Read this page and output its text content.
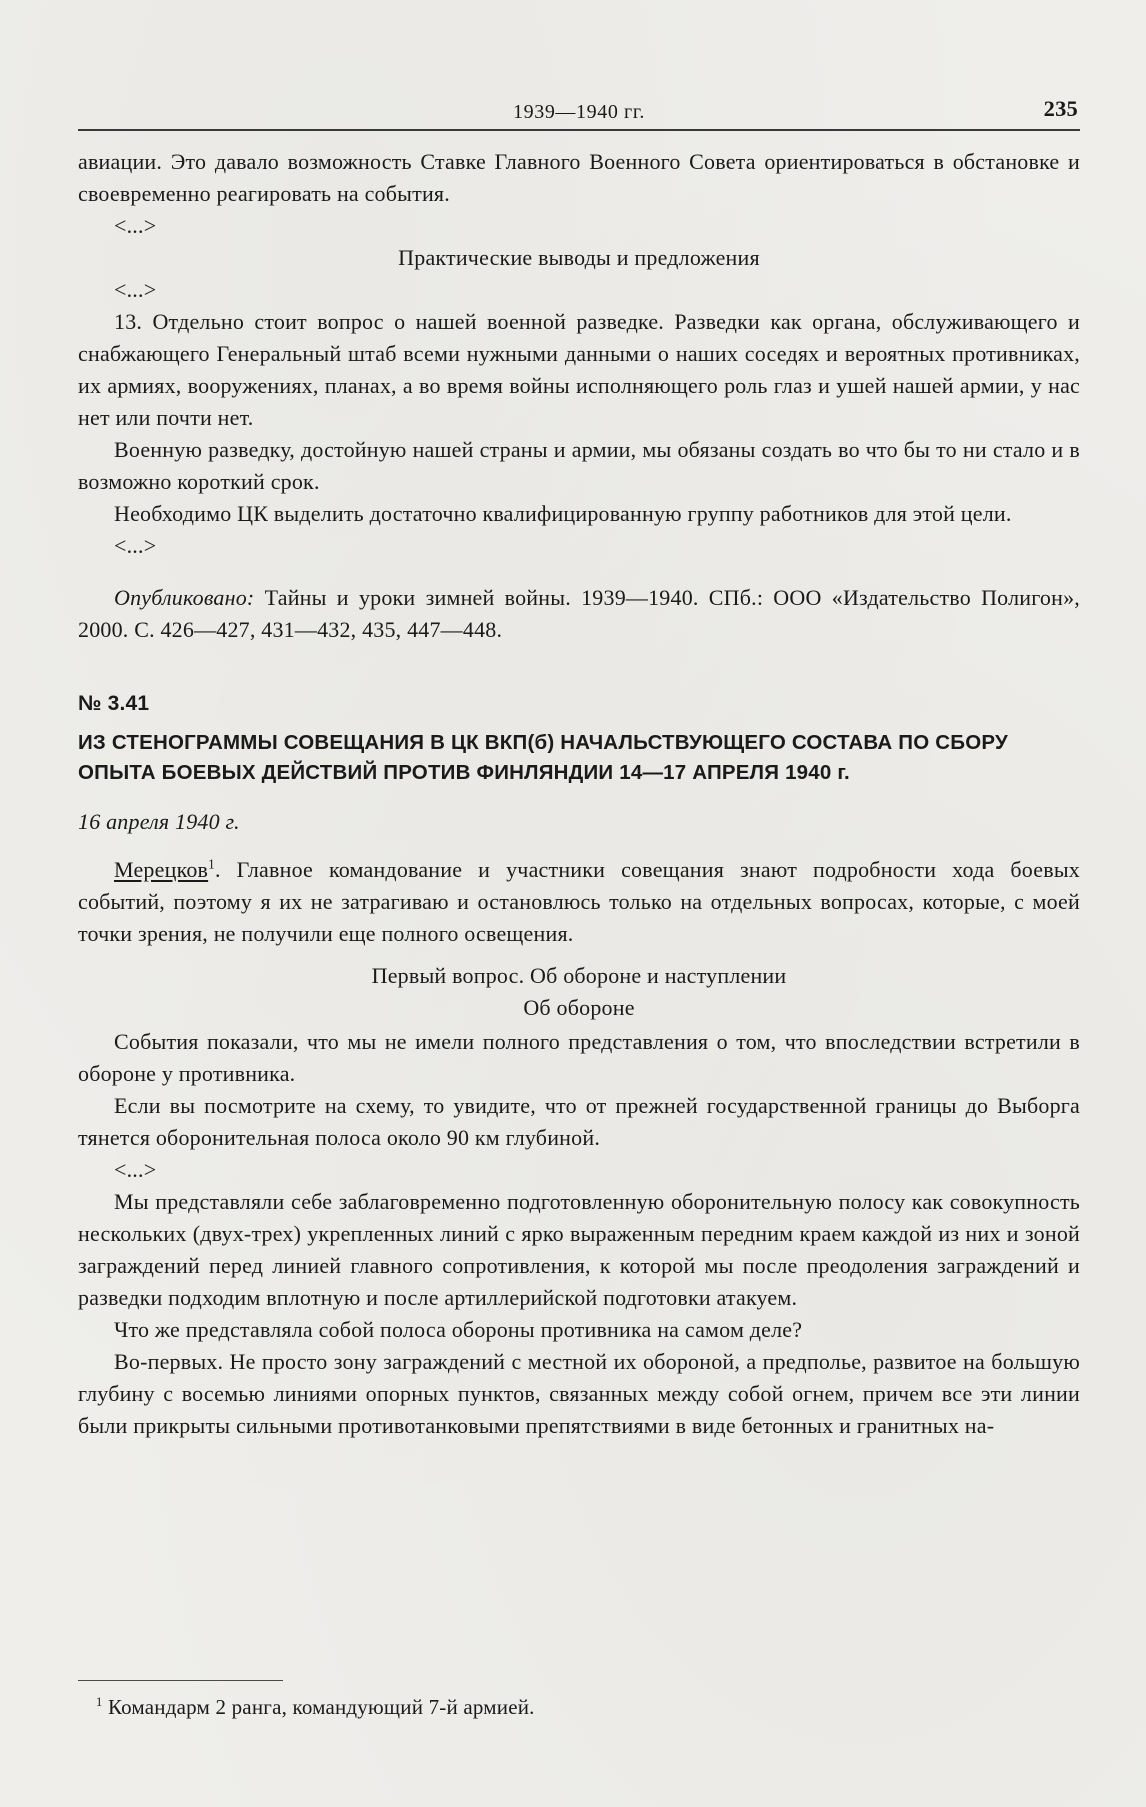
1939—1940 гг.	235

авиации. Это давало возможность Ставке Главного Военного Совета ориентироваться в обстановке и своевременно реагировать на события.

<...>

Практические выводы и предложения

<...>

13. Отдельно стоит вопрос о нашей военной разведке. Разведки как органа, обслуживающего и снабжающего Генеральный штаб всеми нужными данными о наших соседях и вероятных противниках, их армиях, вооружениях, планах, а во время войны исполняющего роль глаз и ушей нашей армии, у нас нет или почти нет.

Военную разведку, достойную нашей страны и армии, мы обязаны создать во что бы то ни стало и в возможно короткий срок.

Необходимо ЦК выделить достаточно квалифицированную группу работников для этой цели.

<...>

Опубликовано: Тайны и уроки зимней войны. 1939—1940. СПб.: ООО «Издательство Полигон», 2000. С. 426—427, 431—432, 435, 447—448.

№ 3.41

ИЗ СТЕНОГРАММЫ СОВЕЩАНИЯ В ЦК ВКП(б) НАЧАЛЬСТВУЮЩЕГО СОСТАВА ПО СБОРУ ОПЫТА БОЕВЫХ ДЕЙСТВИЙ ПРОТИВ ФИНЛЯНДИИ 14—17 АПРЕЛЯ 1940 г.

16 апреля 1940 г.

Мерецков$^1$. Главное командование и участники совещания знают подробности хода боевых событий, поэтому я их не затрагиваю и остановлюсь только на отдельных вопросах, которые, с моей точки зрения, не получили еще полного освещения.

Первый вопрос. Об обороне и наступлении

Об обороне

События показали, что мы не имели полного представления о том, что впоследствии встретили в обороне у противника.

Если вы посмотрите на схему, то увидите, что от прежней государственной границы до Выборга тянется оборонительная полоса около 90 км глубиной.

<...>

Мы представляли себе заблаговременно подготовленную оборонительную полосу как совокупность нескольких (двух-трех) укрепленных линий с ярко выраженным передним краем каждой из них и зоной заграждений перед линией главного сопротивления, к которой мы после преодоления заграждений и разведки подходим вплотную и после артиллерийской подготовки атакуем.

Что же представляла собой полоса обороны противника на самом деле?

Во-первых. Не просто зону заграждений с местной их обороной, а предполье, развитое на большую глубину с восемью линиями опорных пунктов, связанных между собой огнем, причем все эти линии были прикрыты сильными противотанковыми препятствиями в виде бетонных и гранитных на-

$^1$ Командарм 2 ранга, командующий 7-й армией.
